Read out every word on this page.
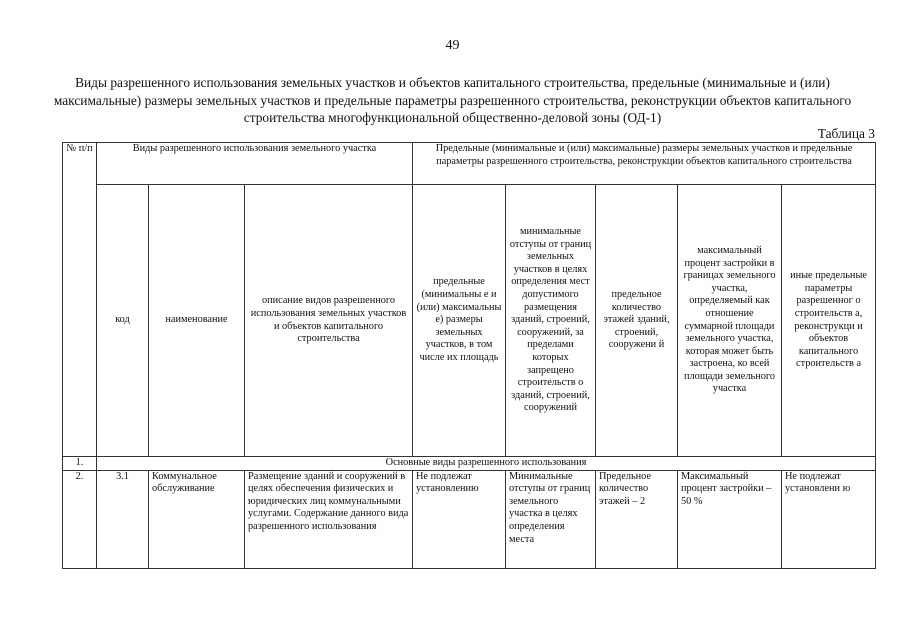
49
Виды разрешенного использования земельных участков и объектов капитального строительства, предельные (минимальные и (или) максимальные) размеры земельных участков и предельные параметры разрешенного строительства, реконструкции объектов капитального строительства многофункциональной общественно-деловой зоны (ОД-1)
Таблица 3
№ п/п	Виды разрешенного использования земельного участка			Предельные (минимальные и (или) максимальные) размеры земельных участков и предельные параметры разрешенного строительства, реконструкции объектов капитального строительства				
	код	наименование	описание видов разрешенного использования земельных участков и объектов капитального строительства	предельные (минимальны е и (или) максимальны е) размеры земельных участков, в том числе их площадь	минимальные отступы от границ земельных участков в целях определения мест допустимого размещения зданий, строений, сооружений, за пределами которых запрещено строительств о зданий, строений, сооружений	предельное количество этажей зданий, строений, сооружени й	максимальный процент застройки в границах земельного участка, определяемый как отношение суммарной площади земельного участка, которая может быть застроена, ко всей площади земельного участка	иные предельные параметры разрешенног о строительств а, реконструкци и объектов капитального строительств а
1.	Основные виды разрешенного использования							
2.	3.1	Коммунальное обслуживание	Размещение зданий и сооружений в целях обеспечения физических и юридических лиц коммунальными услугами. Содержание данного вида разрешенного использования	Не подлежат установлению	Минимальные отступы от границ земельного участка в целях определения места	Предельное количество этажей – 2	Максимальный процент застройки – 50 %	Не подлежат установлени ю
